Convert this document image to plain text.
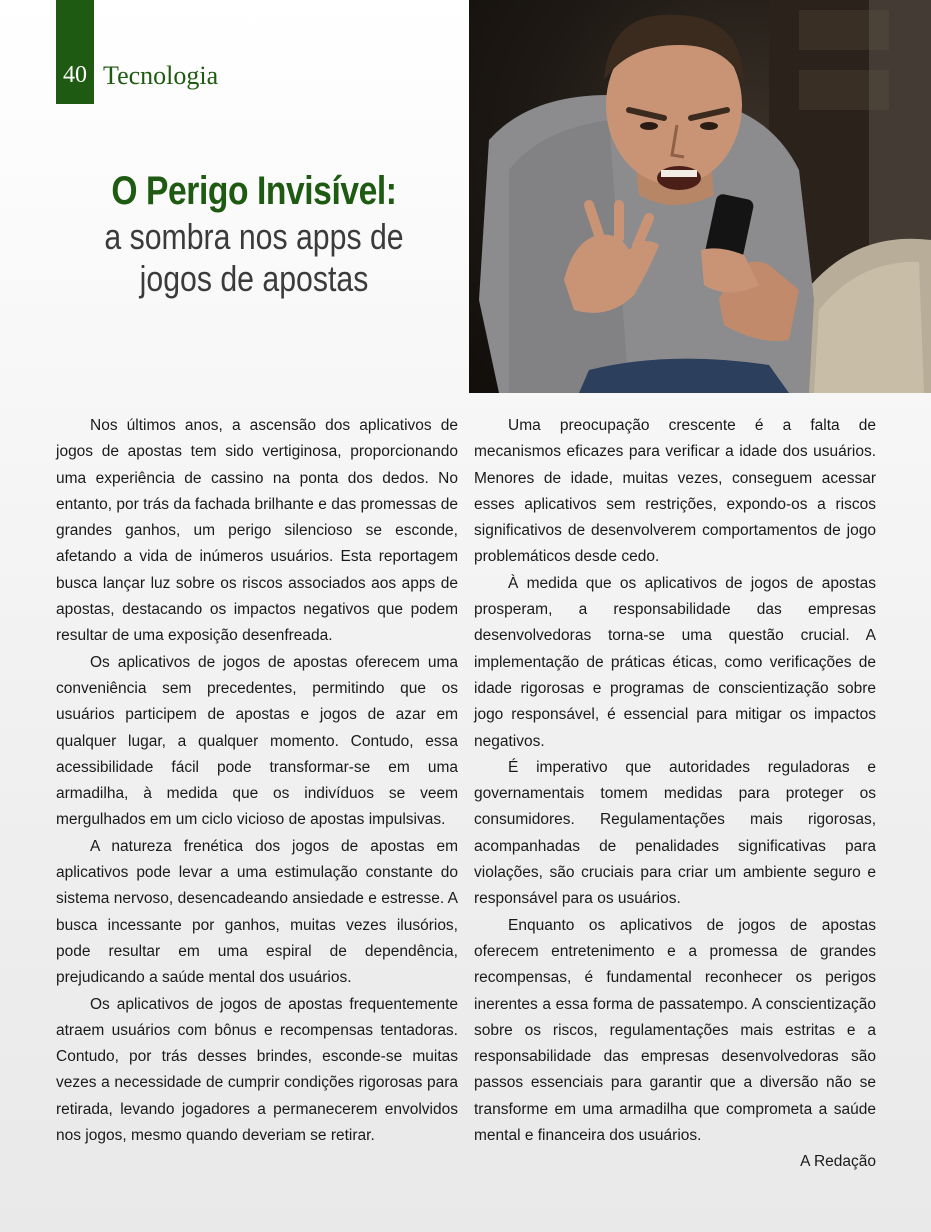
40 Tecnologia
O Perigo Invisível:
a sombra nos apps de
jogos de apostas

Nos últimos anos, a ascensão dos aplicativos de jogos de apostas tem sido vertiginosa, proporcionando uma experiência de cassino na ponta dos dedos. No entanto, por trás da fachada brilhante e das promessas de grandes ganhos, um perigo silencioso se esconde, afetando a vida de inúmeros usuários. Esta reportagem busca lançar luz sobre os riscos associados aos apps de apostas, destacando os impactos negativos que podem resultar de uma exposição desenfreada.

Os aplicativos de jogos de apostas oferecem uma conveniência sem precedentes, permitindo que os usuários participem de apostas e jogos de azar em qualquer lugar, a qualquer momento. Contudo, essa acessibilidade fácil pode transformar-se em uma armadilha, à medida que os indivíduos se veem mergulhados em um ciclo vicioso de apostas impulsivas.

A natureza frenética dos jogos de apostas em aplicativos pode levar a uma estimulação constante do sistema nervoso, desencadeando ansiedade e estresse. A busca incessante por ganhos, muitas vezes ilusórios, pode resultar em uma espiral de dependência, prejudicando a saúde mental dos usuários.

Os aplicativos de jogos de apostas frequentemente atraem usuários com bônus e recompensas tentadoras. Contudo, por trás desses brindes, esconde-se muitas vezes a necessidade de cumprir condições rigorosas para retirada, levando jogadores a permanecerem envolvidos nos jogos, mesmo quando deveriam se retirar.

Uma preocupação crescente é a falta de mecanismos eficazes para verificar a idade dos usuários. Menores de idade, muitas vezes, conseguem acessar esses aplicativos sem restrições, expondo-os a riscos significativos de desenvolverem comportamentos de jogo problemáticos desde cedo.

À medida que os aplicativos de jogos de apostas prosperam, a responsabilidade das empresas desenvolvedoras torna-se uma questão crucial. A implementação de práticas éticas, como verificações de idade rigorosas e programas de conscientização sobre jogo responsável, é essencial para mitigar os impactos negativos.

É imperativo que autoridades reguladoras e governamentais tomem medidas para proteger os consumidores. Regulamentações mais rigorosas, acompanhadas de penalidades significativas para violações, são cruciais para criar um ambiente seguro e responsável para os usuários.

Enquanto os aplicativos de jogos de apostas oferecem entretenimento e a promessa de grandes recompensas, é fundamental reconhecer os perigos inerentes a essa forma de passatempo. A conscientização sobre os riscos, regulamentações mais estritas e a responsabilidade das empresas desenvolvedoras são passos essenciais para garantir que a diversão não se transforme em uma armadilha que comprometa a saúde mental e financeira dos usuários.

A Redação
